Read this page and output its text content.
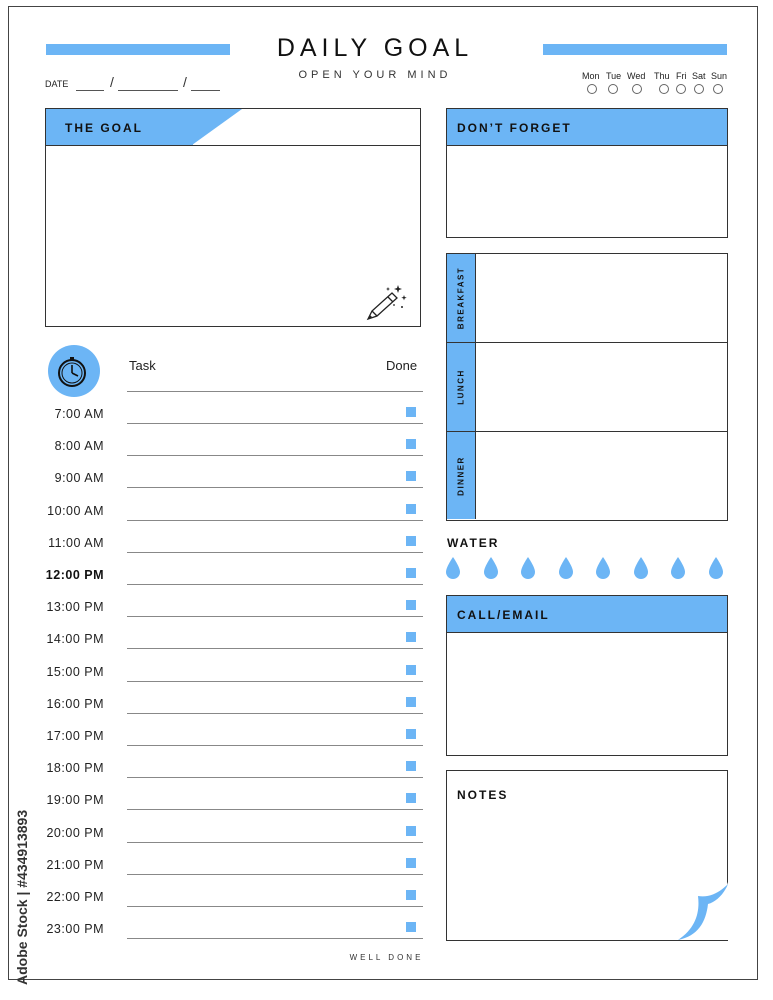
DAILY GOAL
OPEN YOUR MIND
DATE	/	/	Mon Tue Wed Thu Fri Sat Sun
THE GOAL	DON’T FORGET
BREAKFAST
LUNCH
DINNER
WATER
CALL/EMAIL
NOTES
Task	Done
7:00 AM
8:00 AM
9:00 AM
10:00 AM
11:00 AM
12:00 PM
13:00 PM
14:00 PM
15:00 PM
16:00 PM
17:00 PM
18:00 PM
19:00 PM
20:00 PM
21:00 PM
22:00 PM
23:00 PM
WELL DONE
Adobe Stock | #434913893
